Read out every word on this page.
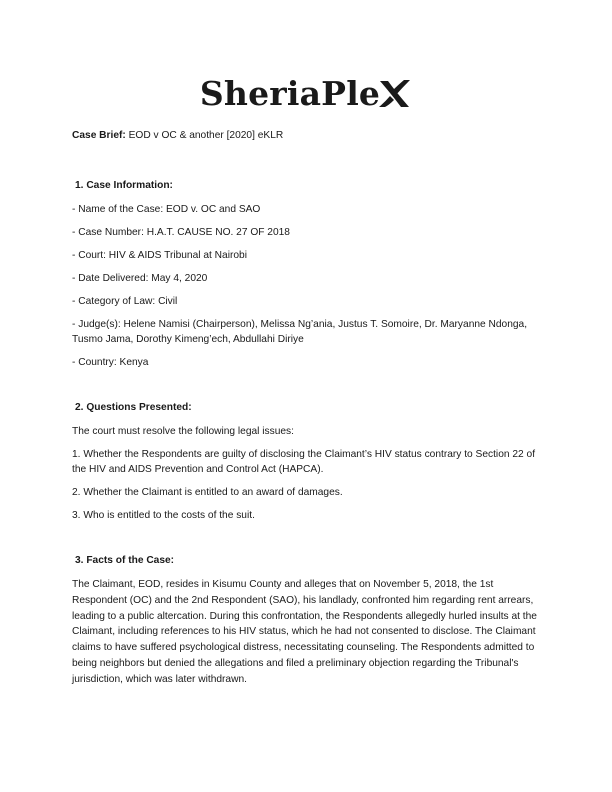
SheriaPle

Case Brief: EOD v OC & another [2020] eKLR

1. Case Information:

- Name of the Case: EOD v. OC and SAO

- Case Number: H.A.T. CAUSE NO. 27 OF 2018

- Court: HIV & AIDS Tribunal at Nairobi

- Date Delivered: May 4, 2020

- Category of Law: Civil

- Judge(s): Helene Namisi (Chairperson), Melissa Ng’ania, Justus T. Somoire, Dr. Maryanne Ndonga, Tusmo Jama, Dorothy Kimeng’ech, Abdullahi Diriye

- Country: Kenya

2. Questions Presented:

The court must resolve the following legal issues:

1. Whether the Respondents are guilty of disclosing the Claimant’s HIV status contrary to Section 22 of the HIV and AIDS Prevention and Control Act (HAPCA).

2. Whether the Claimant is entitled to an award of damages.

3. Who is entitled to the costs of the suit.

3. Facts of the Case:

The Claimant, EOD, resides in Kisumu County and alleges that on November 5, 2018, the 1st Respondent (OC) and the 2nd Respondent (SAO), his landlady, confronted him regarding rent arrears, leading to a public altercation. During this confrontation, the Respondents allegedly hurled insults at the Claimant, including references to his HIV status, which he had not consented to disclose. The Claimant claims to have suffered psychological distress, necessitating counseling. The Respondents admitted to being neighbors but denied the allegations and filed a preliminary objection regarding the Tribunal's jurisdiction, which was later withdrawn.
